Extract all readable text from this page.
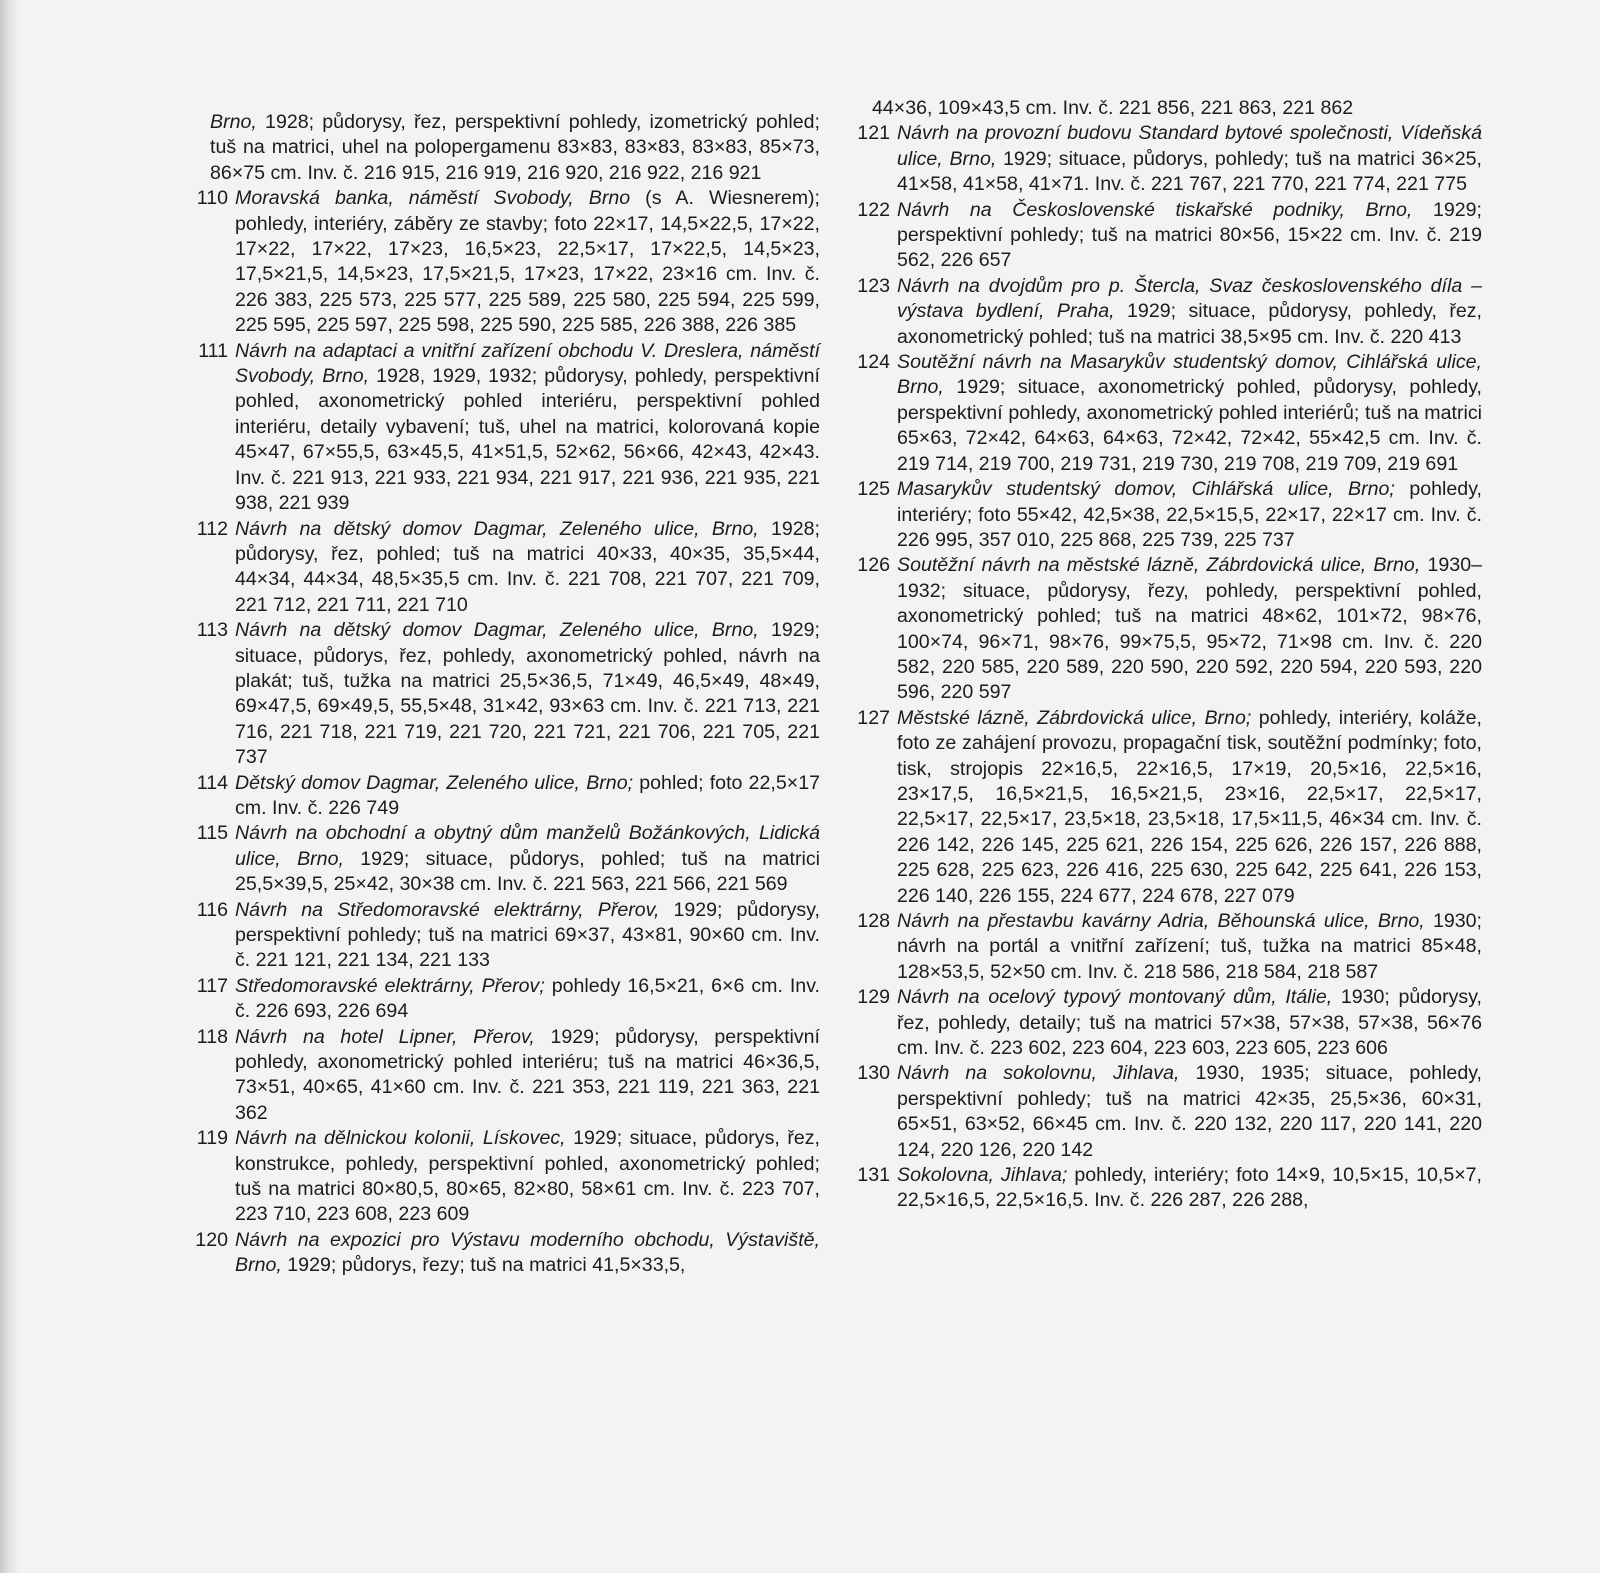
Brno, 1928; půdorysy, řez, perspektivní pohledy, izometrický pohled; tuš na matrici, uhel na polopergamenu 83×83, 83×83, 83×83, 85×73, 86×75 cm. Inv. č. 216 915, 216 919, 216 920, 216 922, 216 921

110 Moravská banka, náměstí Svobody, Brno (s A. Wiesnerem); pohledy, interiéry, záběry ze stavby; foto 22×17, 14,5×22,5, 17×22, 17×22, 17×22, 17×23, 16,5×23, 22,5×17, 17×22,5, 14,5×23, 17,5×21,5, 14,5×23, 17,5×21,5, 17×23, 17×22, 23×16 cm. Inv. č. 226 383, 225 573, 225 577, 225 589, 225 580, 225 594, 225 599, 225 595, 225 597, 225 598, 225 590, 225 585, 226 388, 226 385

111 Návrh na adaptaci a vnitřní zařízení obchodu V. Dreslera, náměstí Svobody, Brno, 1928, 1929, 1932; půdorysy, pohledy, perspektivní pohled, axonometrický pohled interiéru, perspektivní pohled interiéru, detaily vybavení; tuš, uhel na matrici, kolorovaná kopie 45×47, 67×55,5, 63×45,5, 41×51,5, 52×62, 56×66, 42×43, 42×43. Inv. č. 221 913, 221 933, 221 934, 221 917, 221 936, 221 935, 221 938, 221 939

112 Návrh na dětský domov Dagmar, Zeleného ulice, Brno, 1928; půdorysy, řez, pohled; tuš na matrici 40×33, 40×35, 35,5×44, 44×34, 44×34, 48,5×35,5 cm. Inv. č. 221 708, 221 707, 221 709, 221 712, 221 711, 221 710

113 Návrh na dětský domov Dagmar, Zeleného ulice, Brno, 1929; situace, půdorys, řez, pohledy, axonometrický pohled, návrh na plakát; tuš, tužka na matrici 25,5×36,5, 71×49, 46,5×49, 48×49, 69×47,5, 69×49,5, 55,5×48, 31×42, 93×63 cm. Inv. č. 221 713, 221 716, 221 718, 221 719, 221 720, 221 721, 221 706, 221 705, 221 737

114 Dětský domov Dagmar, Zeleného ulice, Brno; pohled; foto 22,5×17 cm. Inv. č. 226 749

115 Návrh na obchodní a obytný dům manželů Božánkových, Lidická ulice, Brno, 1929; situace, půdorys, pohled; tuš na matrici 25,5×39,5, 25×42, 30×38 cm. Inv. č. 221 563, 221 566, 221 569

116 Návrh na Středomoravské elektrárny, Přerov, 1929; půdorysy, perspektivní pohledy; tuš na matrici 69×37, 43×81, 90×60 cm. Inv. č. 221 121, 221 134, 221 133

117 Středomoravské elektrárny, Přerov; pohledy 16,5×21, 6×6 cm. Inv. č. 226 693, 226 694

118 Návrh na hotel Lipner, Přerov, 1929; půdorysy, perspektivní pohledy, axonometrický pohled interiéru; tuš na matrici 46×36,5, 73×51, 40×65, 41×60 cm. Inv. č. 221 353, 221 119, 221 363, 221 362

119 Návrh na dělnickou kolonii, Lískovec, 1929; situace, půdorys, řez, konstrukce, pohledy, perspektivní pohled, axonometrický pohled; tuš na matrici 80×80,5, 80×65, 82×80, 58×61 cm. Inv. č. 223 707, 223 710, 223 608, 223 609

120 Návrh na expozici pro Výstavu moderního obchodu, Výstaviště, Brno, 1929; půdorys, řezy; tuš na matrici 41,5×33,5,

44×36, 109×43,5 cm. Inv. č. 221 856, 221 863, 221 862

121 Návrh na provozní budovu Standard bytové společnosti, Vídeňská ulice, Brno, 1929; situace, půdorys, pohledy; tuš na matrici 36×25, 41×58, 41×58, 41×71. Inv. č. 221 767, 221 770, 221 774, 221 775

122 Návrh na Československé tiskařské podniky, Brno, 1929; perspektivní pohledy; tuš na matrici 80×56, 15×22 cm. Inv. č. 219 562, 226 657

123 Návrh na dvojdům pro p. Štercla, Svaz československého díla – výstava bydlení, Praha, 1929; situace, půdorysy, pohledy, řez, axonometrický pohled; tuš na matrici 38,5×95 cm. Inv. č. 220 413

124 Soutěžní návrh na Masarykův studentský domov, Cihlářská ulice, Brno, 1929; situace, axonometrický pohled, půdorysy, pohledy, perspektivní pohledy, axonometrický pohled interiérů; tuš na matrici 65×63, 72×42, 64×63, 64×63, 72×42, 72×42, 55×42,5 cm. Inv. č. 219 714, 219 700, 219 731, 219 730, 219 708, 219 709, 219 691

125 Masarykův studentský domov, Cihlářská ulice, Brno; pohledy, interiéry; foto 55×42, 42,5×38, 22,5×15,5, 22×17, 22×17 cm. Inv. č. 226 995, 357 010, 225 868, 225 739, 225 737

126 Soutěžní návrh na městské lázně, Zábrdovická ulice, Brno, 1930–1932; situace, půdorysy, řezy, pohledy, perspektivní pohled, axonometrický pohled; tuš na matrici 48×62, 101×72, 98×76, 100×74, 96×71, 98×76, 99×75,5, 95×72, 71×98 cm. Inv. č. 220 582, 220 585, 220 589, 220 590, 220 592, 220 594, 220 593, 220 596, 220 597

127 Městské lázně, Zábrdovická ulice, Brno; pohledy, interiéry, koláže, foto ze zahájení provozu, propagační tisk, soutěžní podmínky; foto, tisk, strojopis 22×16,5, 22×16,5, 17×19, 20,5×16, 22,5×16, 23×17,5, 16,5×21,5, 16,5×21,5, 23×16, 22,5×17, 22,5×17, 22,5×17, 22,5×17, 23,5×18, 23,5×18, 17,5×11,5, 46×34 cm. Inv. č. 226 142, 226 145, 225 621, 226 154, 225 626, 226 157, 226 888, 225 628, 225 623, 226 416, 225 630, 225 642, 225 641, 226 153, 226 140, 226 155, 224 677, 224 678, 227 079

128 Návrh na přestavbu kavárny Adria, Běhounská ulice, Brno, 1930; návrh na portál a vnitřní zařízení; tuš, tužka na matrici 85×48, 128×53,5, 52×50 cm. Inv. č. 218 586, 218 584, 218 587

129 Návrh na ocelový typový montovaný dům, Itálie, 1930; půdorysy, řez, pohledy, detaily; tuš na matrici 57×38, 57×38, 57×38, 56×76 cm. Inv. č. 223 602, 223 604, 223 603, 223 605, 223 606

130 Návrh na sokolovnu, Jihlava, 1930, 1935; situace, pohledy, perspektivní pohledy; tuš na matrici 42×35, 25,5×36, 60×31, 65×51, 63×52, 66×45 cm. Inv. č. 220 132, 220 117, 220 141, 220 124, 220 126, 220 142

131 Sokolovna, Jihlava; pohledy, interiéry; foto 14×9, 10,5×15, 10,5×7, 22,5×16,5, 22,5×16,5. Inv. č. 226 287, 226 288,
